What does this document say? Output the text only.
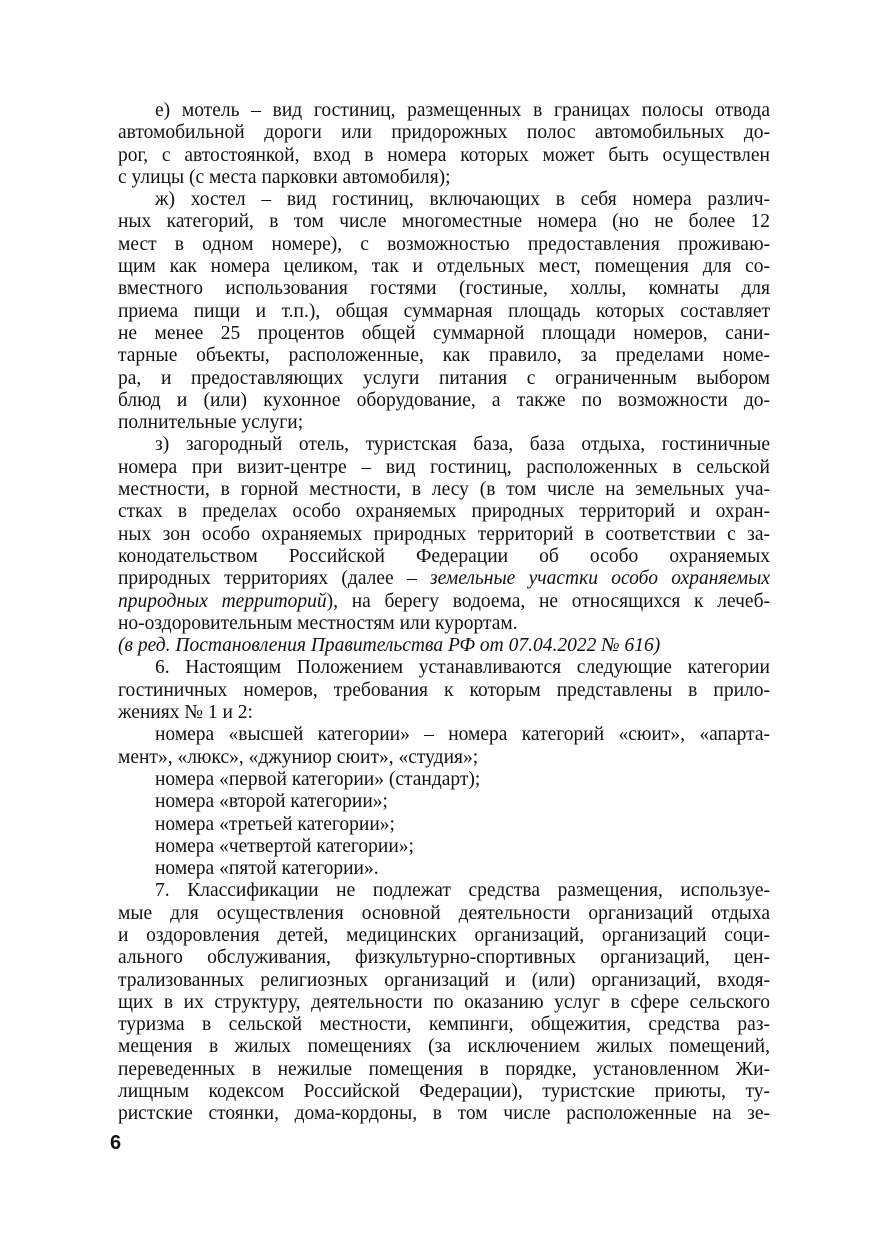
е) мотель – вид гостиниц, размещенных в границах полосы отвода
автомобильной дороги или придорожных полос автомобильных до-
рог, с автостоянкой, вход в номера которых может быть осуществлен
с улицы (с места парковки автомобиля);
ж) хостел – вид гостиниц, включающих в себя номера различ-
ных категорий, в том числе многоместные номера (но не более 12
мест в одном номере), с возможностью предоставления проживаю-
щим как номера целиком, так и отдельных мест, помещения для со-
вместного использования гостями (гостиные, холлы, комнаты для
приема пищи и т.п.), общая суммарная площадь которых составляет
не менее 25 процентов общей суммарной площади номеров, сани-
тарные объекты, расположенные, как правило, за пределами номе-
ра, и предоставляющих услуги питания с ограниченным выбором
блюд и (или) кухонное оборудование, а также по возможности до-
полнительные услуги;
з) загородный отель, туристская база, база отдыха, гостиничные
номера при визит-центре – вид гостиниц, расположенных в сельской
местности, в горной местности, в лесу (в том числе на земельных уча-
стках в пределах особо охраняемых природных территорий и охран-
ных зон особо охраняемых природных территорий в соответствии с за-
конодательством Российской Федерации об особо охраняемых
природных территориях (далее – земельные участки особо охраняемых
природных территорий), на берегу водоема, не относящихся к лечеб-
но-оздоровительным местностям или курортам.
(в ред. Постановления Правительства РФ от 07.04.2022 № 616)
6. Настоящим Положением устанавливаются следующие категории
гостиничных номеров, требования к которым представлены в прило-
жениях № 1 и 2:
номера «высшей категории» – номера категорий «сюит», «апарта-
мент», «люкс», «джуниор сюит», «студия»;
номера «первой категории» (стандарт);
номера «второй категории»;
номера «третьей категории»;
номера «четвертой категории»;
номера «пятой категории».
7. Классификации не подлежат средства размещения, используе-
мые для осуществления основной деятельности организаций отдыха
и оздоровления детей, медицинских организаций, организаций соци-
ального обслуживания, физкультурно-спортивных организаций, цен-
трализованных религиозных организаций и (или) организаций, входя-
щих в их структуру, деятельности по оказанию услуг в сфере сельского
туризма в сельской местности, кемпинги, общежития, средства раз-
мещения в жилых помещениях (за исключением жилых помещений,
переведенных в нежилые помещения в порядке, установленном Жи-
лищным кодексом Российской Федерации), туристские приюты, ту-
ристские стоянки, дома-кордоны, в том числе расположенные на зе-
6
